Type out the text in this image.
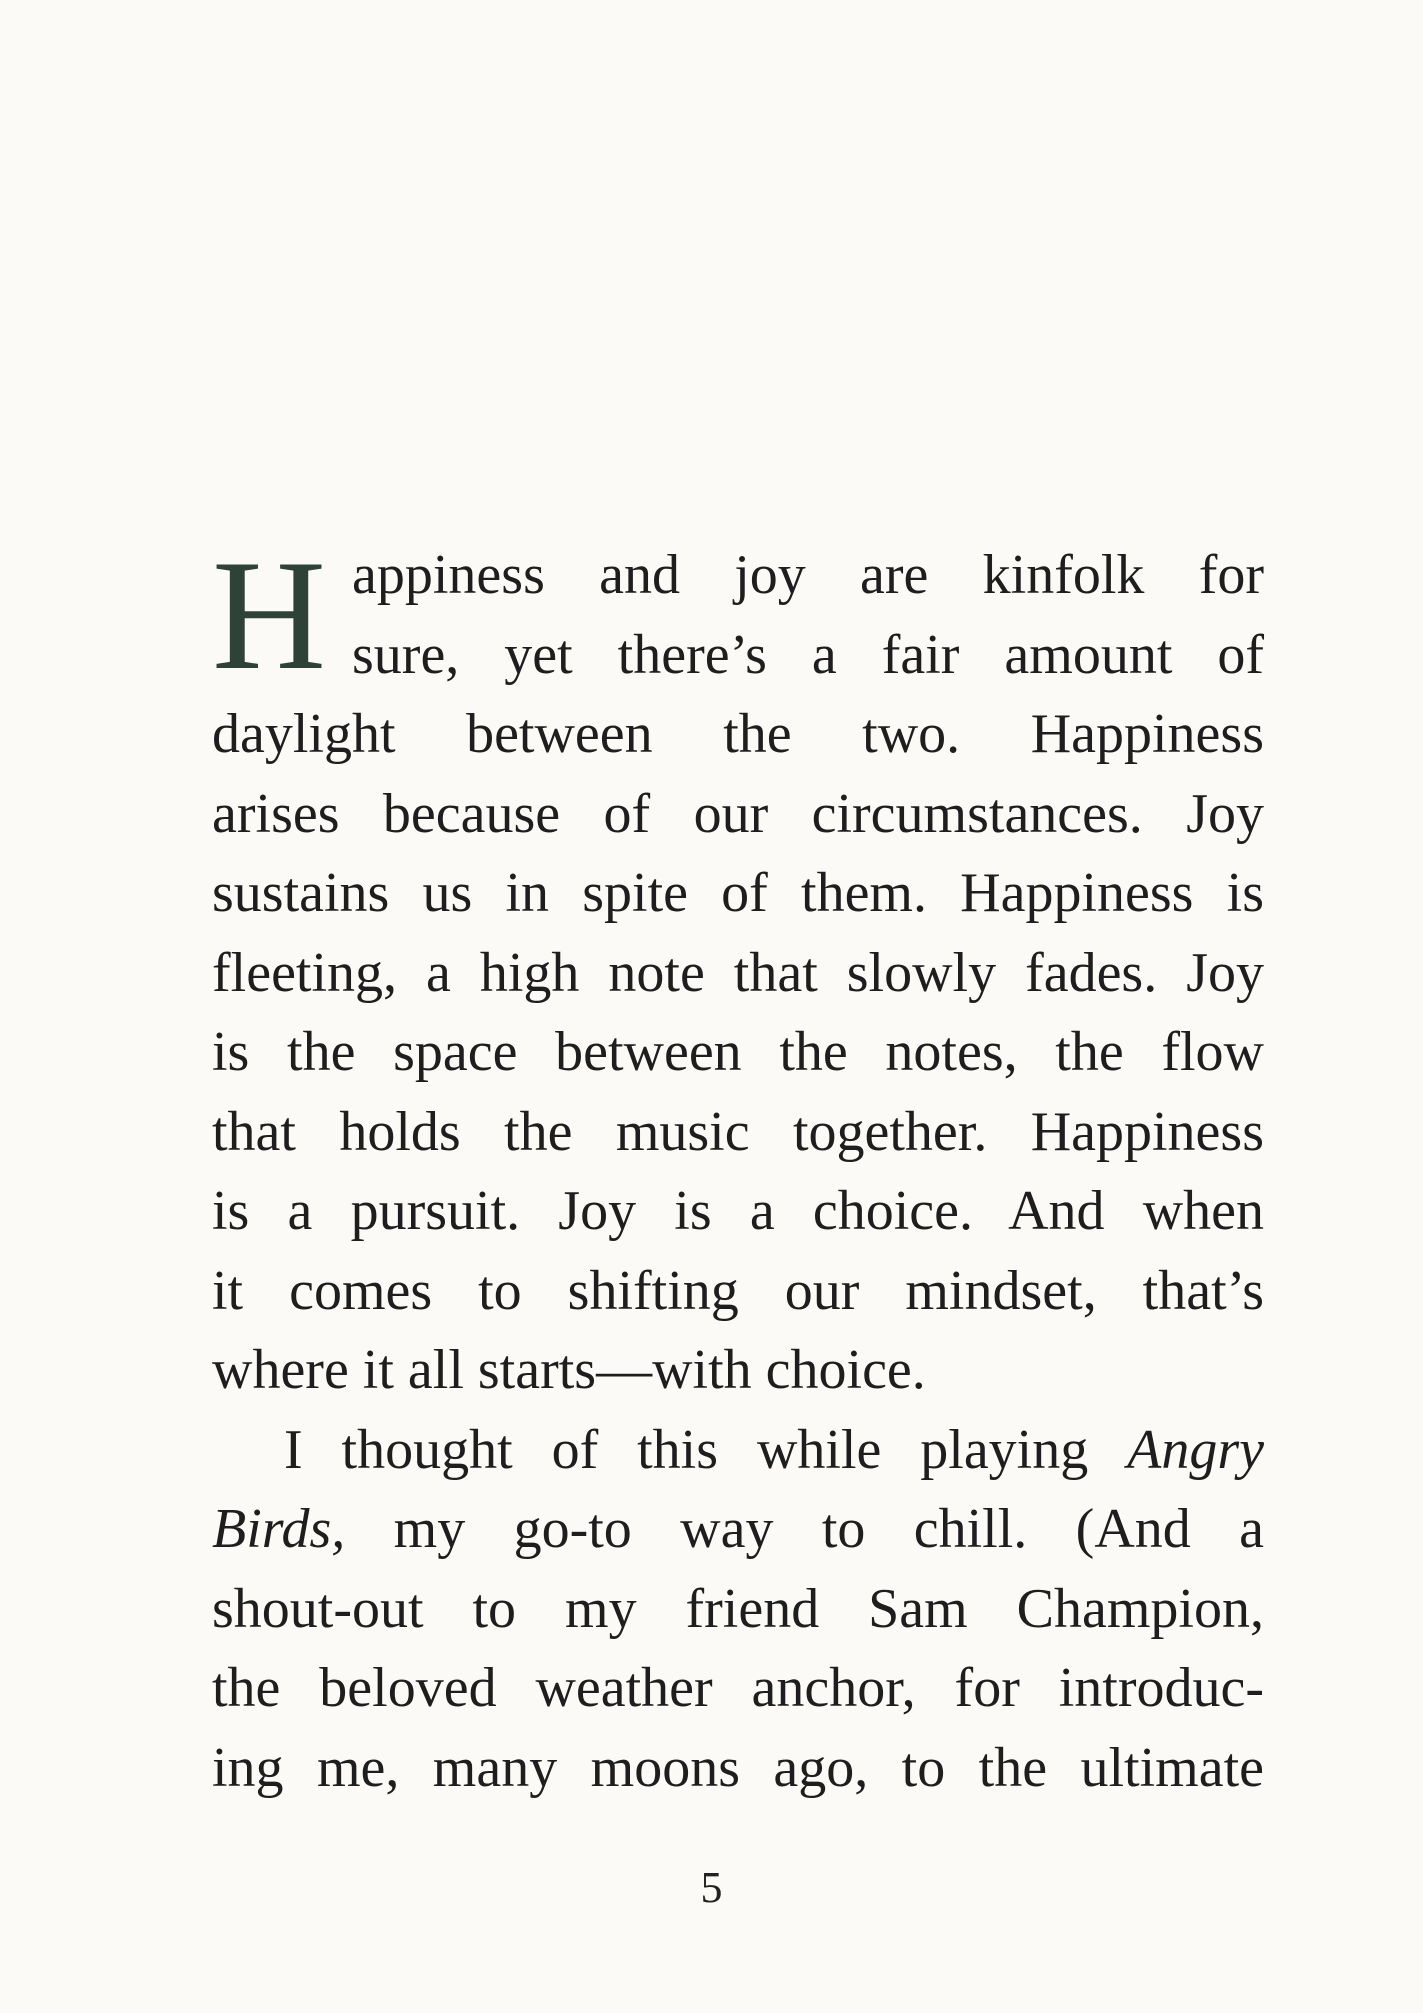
H appiness and joy are kinfolk for
sure, yet there’s a fair amount of
daylight between the two. Happiness
arises because of our circumstances. Joy
sustains us in spite of them. Happiness is
fleeting, a high note that slowly fades. Joy
is the space between the notes, the flow
that holds the music together. Happiness
is a pursuit. Joy is a choice. And when
it comes to shifting our mindset, that’s
where it all starts—with choice.
I thought of this while playing Angry
Birds, my go-to way to chill. (And a
shout-out to my friend Sam Champion,
the beloved weather anchor, for introduc-
ing me, many moons ago, to the ultimate
5
